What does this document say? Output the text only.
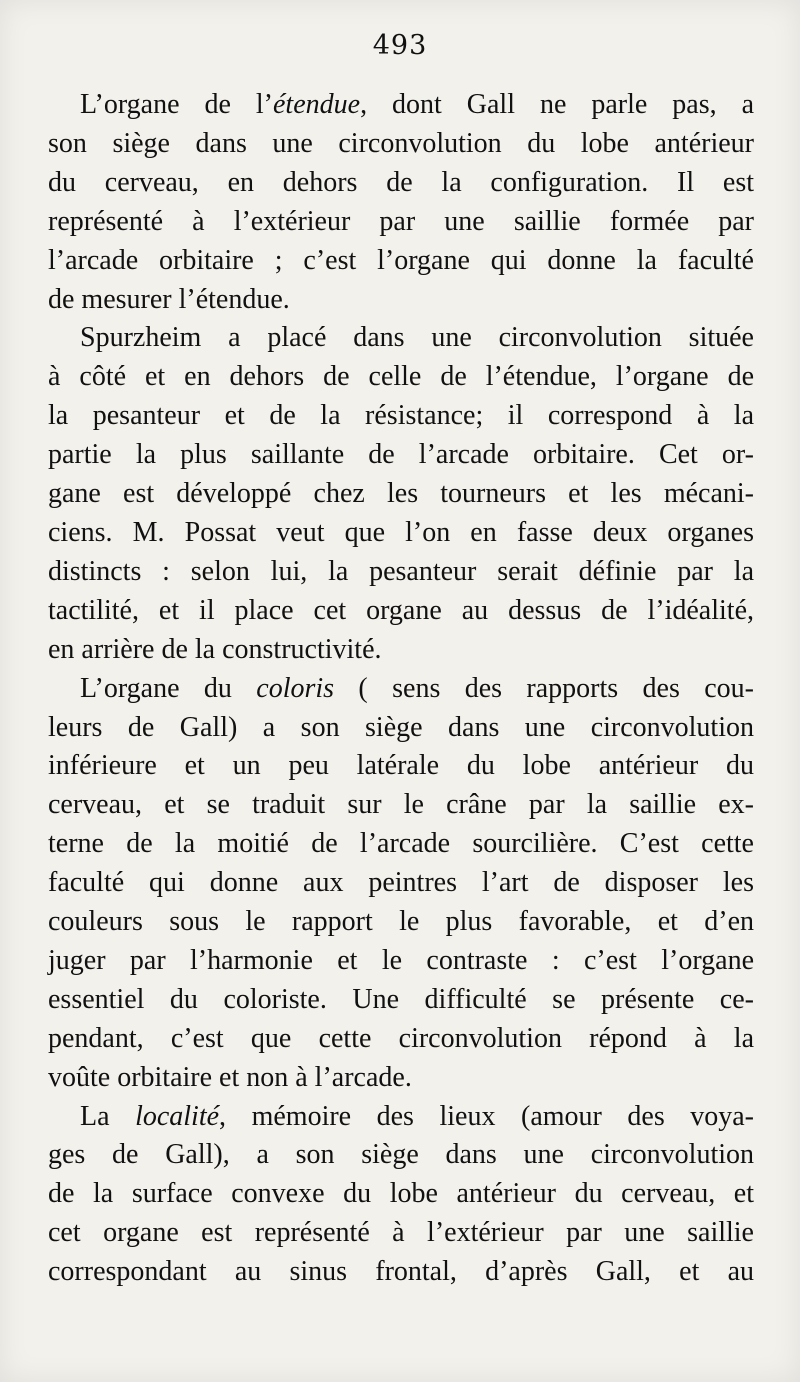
493
L’organe de l’étendue, dont Gall ne parle pas, a
son siège dans une circonvolution du lobe antérieur
du cerveau, en dehors de la configuration. Il est
représenté à l’extérieur par une saillie formée par
l’arcade orbitaire ; c’est l’organe qui donne la faculté
de mesurer l’étendue.
Spurzheim a placé dans une circonvolution située
à côté et en dehors de celle de l’étendue, l’organe de
la pesanteur et de la résistance; il correspond à la
partie la plus saillante de l’arcade orbitaire. Cet or-
gane est développé chez les tourneurs et les mécani-
ciens. M. Possat veut que l’on en fasse deux organes
distincts : selon lui, la pesanteur serait définie par la
tactilité, et il place cet organe au dessus de l’idéalité,
en arrière de la constructivité.
L’organe du coloris ( sens des rapports des cou-
leurs de Gall) a son siège dans une circonvolution
inférieure et un peu latérale du lobe antérieur du
cerveau, et se traduit sur le crâne par la saillie ex-
terne de la moitié de l’arcade sourcilière. C’est cette
faculté qui donne aux peintres l’art de disposer les
couleurs sous le rapport le plus favorable, et d’en
juger par l’harmonie et le contraste : c’est l’organe
essentiel du coloriste. Une difficulté se présente ce-
pendant, c’est que cette circonvolution répond à la
voûte orbitaire et non à l’arcade.
La localité, mémoire des lieux (amour des voya-
ges de Gall), a son siège dans une circonvolution
de la surface convexe du lobe antérieur du cerveau, et
cet organe est représenté à l’extérieur par une saillie
correspondant au sinus frontal, d’après Gall, et au
